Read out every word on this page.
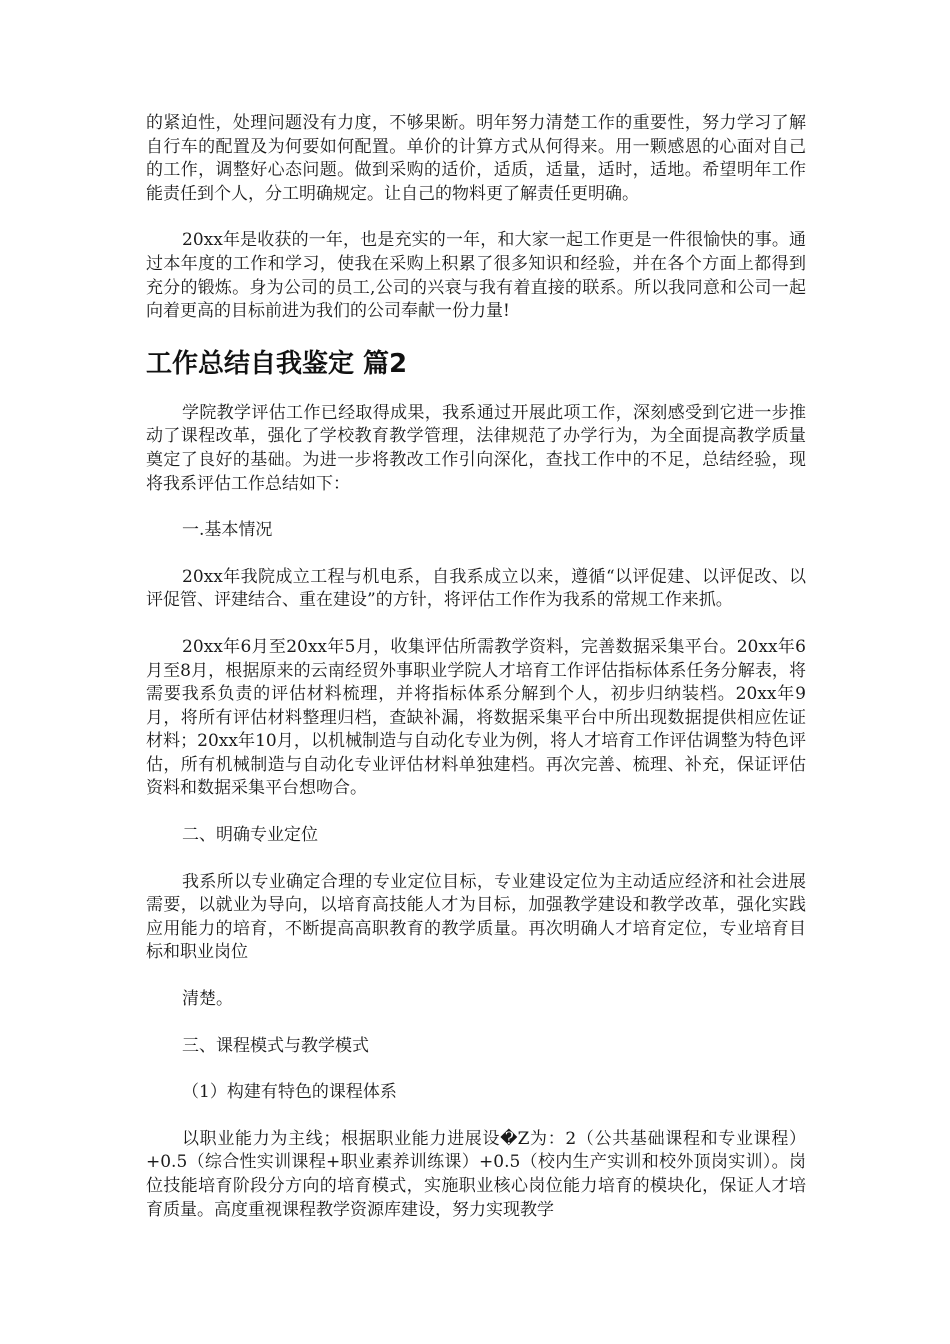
的紧迫性，处理问题没有力度，不够果断。明年努力清楚工作的重要性，努力学习了解自行车的配置及为何要如何配置。单价的计算方式从何得来。用一颗感恩的心面对自己的工作，调整好心态问题。做到采购的适价，适质，适量，适时，适地。希望明年工作能责任到个人，分工明确规定。让自己的物料更了解责任更明确。

20xx年是收获的一年，也是充实的一年，和大家一起工作更是一件很愉快的事。通过本年度的工作和学习，使我在采购上积累了很多知识和经验，并在各个方面上都得到充分的锻炼。身为公司的员工,公司的兴衰与我有着直接的联系。所以我同意和公司一起向着更高的目标前进为我们的公司奉献一份力量!

工作总结自我鉴定 篇2

学院教学评估工作已经取得成果，我系通过开展此项工作，深刻感受到它进一步推动了课程改革，强化了学校教育教学管理，法律规范了办学行为，为全面提高教学质量奠定了良好的基础。为进一步将教改工作引向深化，查找工作中的不足，总结经验，现将我系评估工作总结如下：

一.基本情况

20xx年我院成立工程与机电系，自我系成立以来，遵循“以评促建、以评促改、以评促管、评建结合、重在建设”的方针，将评估工作作为我系的常规工作来抓。

20xx年6月至20xx年5月，收集评估所需教学资料，完善数据采集平台。20xx年6月至8月，根据原来的云南经贸外事职业学院人才培育工作评估指标体系任务分解表，将需要我系负责的评估材料梳理，并将指标体系分解到个人，初步归纳装档。20xx年9月，将所有评估材料整理归档，查缺补漏，将数据采集平台中所出现数据提供相应佐证材料；20xx年10月，以机械制造与自动化专业为例，将人才培育工作评估调整为特色评估，所有机械制造与自动化专业评估材料单独建档。再次完善、梳理、补充，保证评估资料和数据采集平台想吻合。

二、明确专业定位

我系所以专业确定合理的专业定位目标，专业建设定位为主动适应经济和社会进展需要，以就业为导向，以培育高技能人才为目标，加强教学建设和教学改革，强化实践应用能力的培育，不断提高高职教育的教学质量。再次明确人才培育定位，专业培育目标和职业岗位

清楚。

三、课程模式与教学模式

（1）构建有特色的课程体系

以职业能力为主线；根据职业能力进展设�Z为：2（公共基础课程和专业课程）+0.5（综合性实训课程+职业素养训练课）+0.5（校内生产实训和校外顶岗实训）。岗位技能培育阶段分方向的培育模式，实施职业核心岗位能力培育的模块化，保证人才培育质量。高度重视课程教学资源库建设，努力实现教学
